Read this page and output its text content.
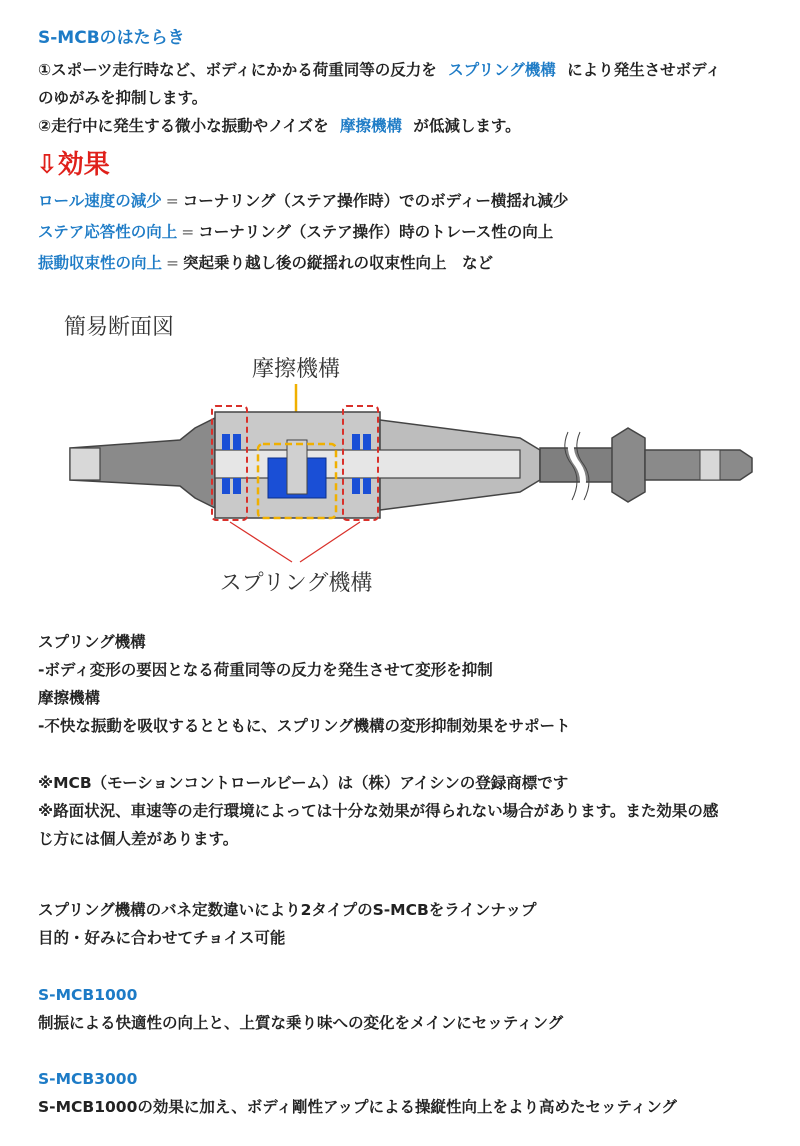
S-MCBのはたらき
①スポーツ走行時など、ボディにかかる荷重同等の反力を スプリング機構 により発生させボディ
のゆがみを抑制します。
②走行中に発生する微小な振動やノイズを 摩擦機構 が低減します。
⇩効果
ロール速度の減少 = コーナリング（ステア操作時）でのボディー横揺れ減少
ステア応答性の向上 = コーナリング（ステア操作）時のトレース性の向上
振動収束性の向上 = 突起乗り越し後の縦揺れの収束性向上　など
簡易断面図
摩擦機構
スプリング機構
スプリング機構
-ボディ変形の要因となる荷重同等の反力を発生させて変形を抑制
摩擦機構
-不快な振動を吸収するとともに、スプリング機構の変形抑制効果をサポート
※MCB（モーションコントロールビーム）は（株）アイシンの登録商標です
※路面状況、車速等の走行環境によっては十分な効果が得られない場合があります。また効果の感
じ方には個人差があります。
スプリング機構のバネ定数違いにより2タイプのS-MCBをラインナップ
目的・好みに合わせてチョイス可能
S-MCB1000
制振による快適性の向上と、上質な乗り味への変化をメインにセッティング
S-MCB3000
S-MCB1000の効果に加え、ボディ剛性アップによる操縦性向上をより高めたセッティング
